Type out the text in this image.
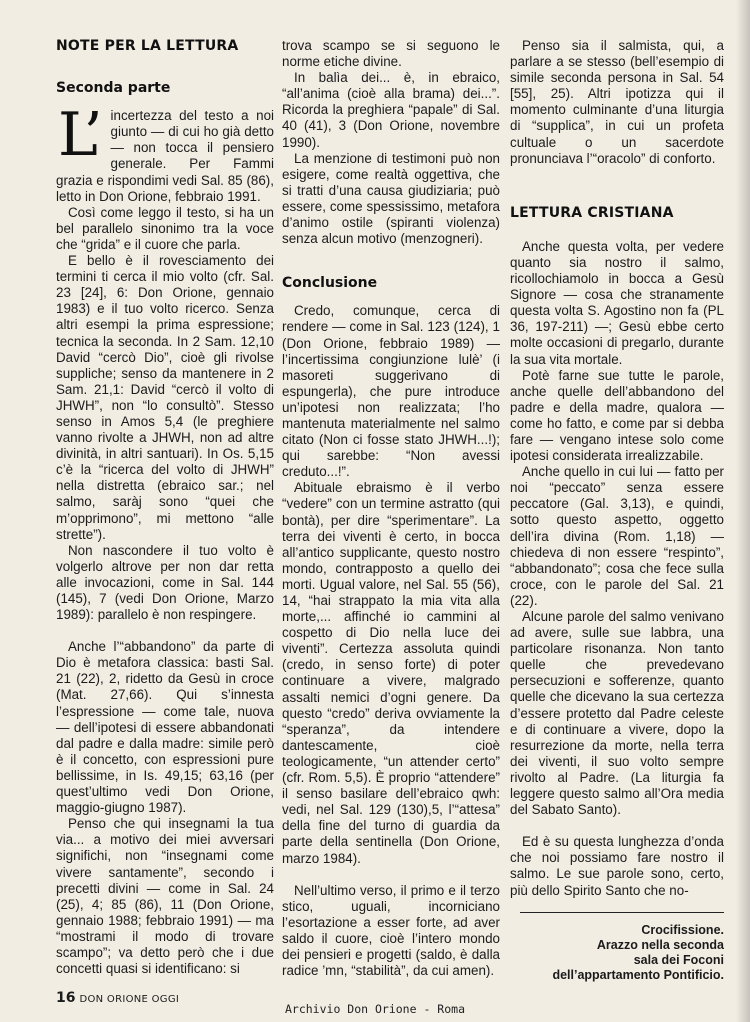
NOTE PER LA LETTURA
Seconda parte

L’ incertezza del testo a noi giunto — di cui ho già detto — non tocca il pensiero generale. Per Fammi grazia e rispondimi vedi Sal. 85 (86), letto in Don Orione, febbraio 1991.

Così come leggo il testo, si ha un bel parallelo sinonimo tra la voce che “grida” e il cuore che parla.

E bello è il rovesciamento dei termini ti cerca il mio volto (cfr. Sal. 23 [24], 6: Don Orione, gennaio 1983) e il tuo volto ricerco. Senza altri esempi la prima espressione; tecnica la seconda. In 2 Sam. 12,10 David “cercò Dio”, cioè gli rivolse suppliche; senso da mantenere in 2 Sam. 21,1: David “cercò il volto di JHWH”, non “lo consultò”. Stesso senso in Amos 5,4 (le preghiere vanno rivolte a JHWH, non ad altre divinità, in altri santuari). In Os. 5,15 c’è la “ricerca del volto di JHWH” nella distretta (ebraico sar.; nel salmo, saràj sono “quei che m’opprimono”, mi mettono “alle strette”).

Non nascondere il tuo volto è volgerlo altrove per non dar retta alle invocazioni, come in Sal. 144 (145), 7 (vedi Don Orione, Marzo 1989): parallelo è non respingere.

Anche l’“abbandono” da parte di Dio è metafora classica: basti Sal. 21 (22), 2, ridetto da Gesù in croce (Mat. 27,66). Qui s’innesta l’espressione — come tale, nuova — dell’ipotesi di essere abbandonati dal padre e dalla madre: simile però è il concetto, con espressioni pure bellissime, in Is. 49,15; 63,16 (per quest’ultimo vedi Don Orione, maggio-giugno 1987).

Penso che qui insegnami la tua via... a motivo dei miei avversari significhi, non “insegnami come vivere santamente”, secondo i precetti divini — come in Sal. 24 (25), 4; 85 (86), 11 (Don Orione, gennaio 1988; febbraio 1991) — ma “mostrami il modo di trovare scampo”; va detto però che i due concetti quasi si identificano: si

trova scampo se si seguono le norme etiche divine.

In balìa dei... è, in ebraico, “all’anima (cioè alla brama) dei...”. Ricorda la preghiera “papale” di Sal. 40 (41), 3 (Don Orione, novembre 1990).

La menzione di testimoni può non esigere, come realtà oggettiva, che si tratti d’una causa giudiziaria; può essere, come spessissimo, metafora d’animo ostile (spiranti violenza) senza alcun motivo (menzogneri).

Conclusione

Credo, comunque, cerca di rendere — come in Sal. 123 (124), 1 (Don Orione, febbraio 1989) — l’incertissima congiunzione lulè’ (i masoreti suggerivano di espungerla), che pure introduce un’ipotesi non realizzata; l’ho mantenuta materialmente nel salmo citato (Non ci fosse stato JHWH...!); qui sarebbe: “Non avessi creduto...!”.

Abituale ebraismo è il verbo “vedere” con un termine astratto (qui bontà), per dire “sperimentare”. La terra dei viventi è certo, in bocca all’antico supplicante, questo nostro mondo, contrapposto a quello dei morti. Ugual valore, nel Sal. 55 (56), 14, “hai strappato la mia vita alla morte,... affinché io cammini al cospetto di Dio nella luce dei viventi”. Certezza assoluta quindi (credo, in senso forte) di poter continuare a vivere, malgrado assalti nemici d’ogni genere. Da questo “credo” deriva ovviamente la “speranza”, da intendere dantescamente, cioè teologicamente, “un attender certo” (cfr. Rom. 5,5). È proprio “attendere” il senso basilare dell’ebraico qwh: vedi, nel Sal. 129 (130),5, l’“attesa” della fine del turno di guardia da parte della sentinella (Don Orione, marzo 1984).

Nell’ultimo verso, il primo e il terzo stico, uguali, incorniciano l’esortazione a esser forte, ad aver saldo il cuore, cioè l’intero mondo dei pensieri e progetti (saldo, è dalla radice ’mn, “stabilità”, da cui amen).

Penso sia il salmista, qui, a parlare a se stesso (bell’esempio di simile seconda persona in Sal. 54 [55], 25). Altri ipotizza qui il momento culminante d’una liturgia di “supplica”, in cui un profeta cultuale o un sacerdote pronunciava l’“oracolo” di conforto.

LETTURA CRISTIANA

Anche questa volta, per vedere quanto sia nostro il salmo, ricollochiamolo in bocca a Gesù Signore — cosa che stranamente questa volta S. Agostino non fa (PL 36, 197-211) —; Gesù ebbe certo molte occasioni di pregarlo, durante la sua vita mortale.

Potè farne sue tutte le parole, anche quelle dell’abbandono del padre e della madre, qualora — come ho fatto, e come par si debba fare — vengano intese solo come ipotesi considerata irrealizzabile.

Anche quello in cui lui — fatto per noi “peccato” senza essere peccatore (Gal. 3,13), e quindi, sotto questo aspetto, oggetto dell’ira divina (Rom. 1,18) — chiedeva di non essere “respinto”, “abbandonato”; cosa che fece sulla croce, con le parole del Sal. 21 (22).

Alcune parole del salmo venivano ad avere, sulle sue labbra, una particolare risonanza. Non tanto quelle che prevedevano persecuzioni e sofferenze, quanto quelle che dicevano la sua certezza d’essere protetto dal Padre celeste e di continuare a vivere, dopo la resurrezione da morte, nella terra dei viventi, il suo volto sempre rivolto al Padre. (La liturgia fa leggere questo salmo all’Ora media del Sabato Santo).

Ed è su questa lunghezza d’onda che noi possiamo fare nostro il salmo. Le sue parole sono, certo, più dello Spirito Santo che no-

Crocifissione.
Arazzo nella seconda
sala dei Foconi
dell’appartamento Pontificio.
16 DON ORIONE OGGI
Archivio Don Orione - Roma
